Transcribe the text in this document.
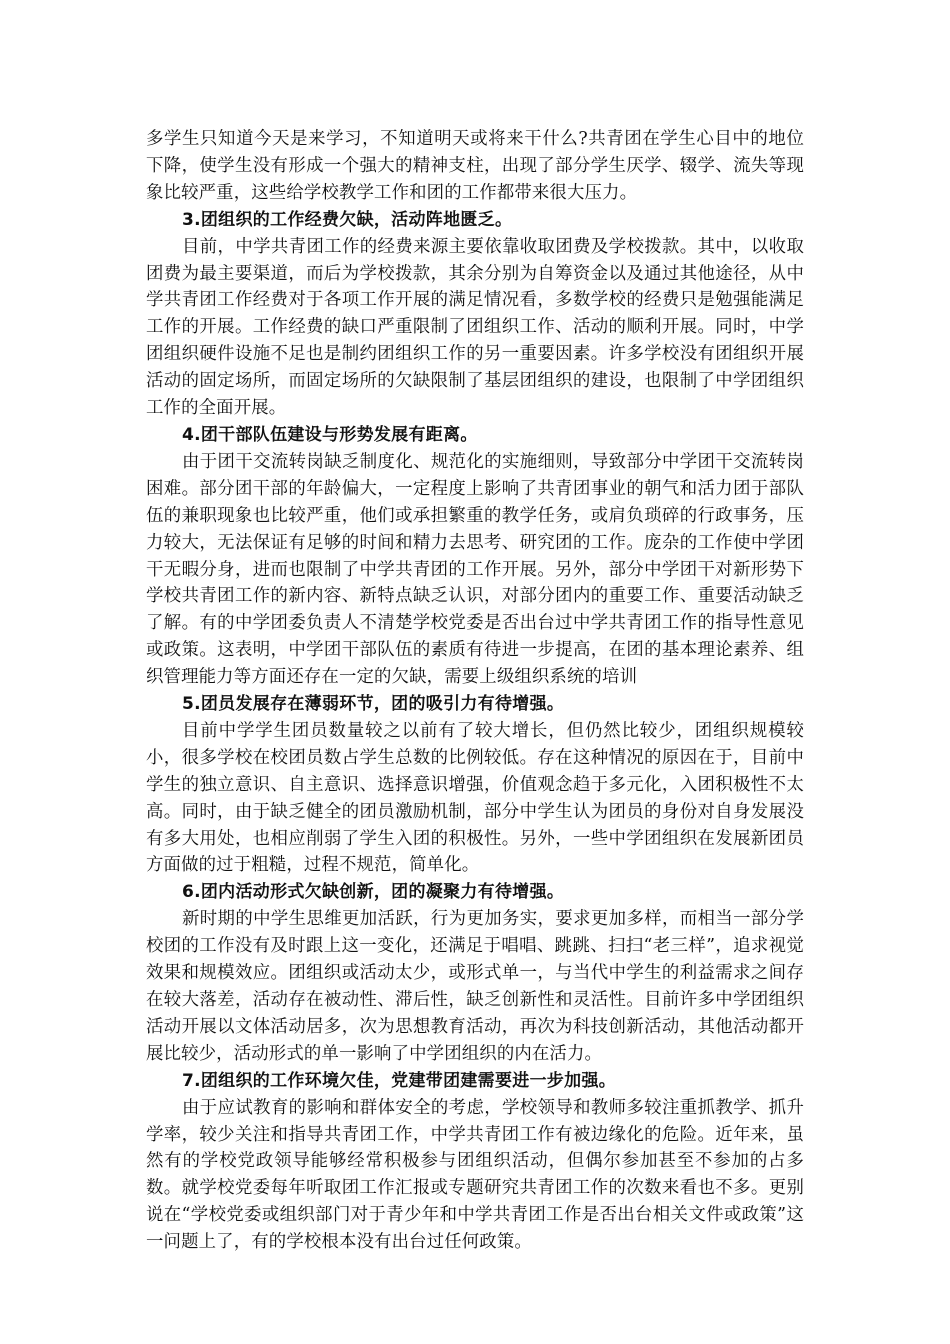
多学生只知道今天是来学习，不知道明天或将来干什么?共青团在学生心目中的地位下降，使学生没有形成一个强大的精神支柱，出现了部分学生厌学、辍学、流失等现象比较严重，这些给学校教学工作和团的工作都带来很大压力。

3.团组织的工作经费欠缺，活动阵地匮乏。

目前，中学共青团工作的经费来源主要依靠收取团费及学校拨款。其中，以收取团费为最主要渠道，而后为学校拨款，其余分别为自筹资金以及通过其他途径，从中学共青团工作经费对于各项工作开展的满足情况看，多数学校的经费只是勉强能满足工作的开展。工作经费的缺口严重限制了团组织工作、活动的顺利开展。同时，中学团组织硬件设施不足也是制约团组织工作的另一重要因素。许多学校没有团组织开展活动的固定场所，而固定场所的欠缺限制了基层团组织的建设，也限制了中学团组织工作的全面开展。

4.团干部队伍建设与形势发展有距离。

由于团干交流转岗缺乏制度化、规范化的实施细则，导致部分中学团干交流转岗困难。部分团干部的年龄偏大，一定程度上影响了共青团事业的朝气和活力团于部队伍的兼职现象也比较严重，他们或承担繁重的教学任务，或肩负琐碎的行政事务，压力较大，无法保证有足够的时间和精力去思考、研究团的工作。庞杂的工作使中学团干无暇分身，进而也限制了中学共青团的工作开展。另外，部分中学团干对新形势下学校共青团工作的新内容、新特点缺乏认识，对部分团内的重要工作、重要活动缺乏了解。有的中学团委负责人不清楚学校党委是否出台过中学共青团工作的指导性意见或政策。这表明，中学团干部队伍的素质有待进一步提高，在团的基本理论素养、组织管理能力等方面还存在一定的欠缺，需要上级组织系统的培训

5.团员发展存在薄弱环节，团的吸引力有待增强。

目前中学学生团员数量较之以前有了较大增长，但仍然比较少，团组织规模较小，很多学校在校团员数占学生总数的比例较低。存在这种情况的原因在于，目前中学生的独立意识、自主意识、选择意识增强，价值观念趋于多元化，入团积极性不太高。同时，由于缺乏健全的团员激励机制，部分中学生认为团员的身份对自身发展没有多大用处，也相应削弱了学生入团的积极性。另外，一些中学团组织在发展新团员方面做的过于粗糙，过程不规范，简单化。

6.团内活动形式欠缺创新，团的凝聚力有待增强。

新时期的中学生思维更加活跃，行为更加务实，要求更加多样，而相当一部分学校团的工作没有及时跟上这一变化，还满足于唱唱、跳跳、扫扫“老三样”，追求视觉效果和规模效应。团组织或活动太少，或形式单一，与当代中学生的利益需求之间存在较大落差，活动存在被动性、滞后性，缺乏创新性和灵活性。目前许多中学团组织活动开展以文体活动居多，次为思想教育活动，再次为科技创新活动，其他活动都开展比较少，活动形式的单一影响了中学团组织的内在活力。

7.团组织的工作环境欠佳，党建带团建需要进一步加强。

由于应试教育的影响和群体安全的考虑，学校领导和教师多较注重抓教学、抓升学率，较少关注和指导共青团工作，中学共青团工作有被边缘化的危险。近年来，虽然有的学校党政领导能够经常积极参与团组织活动，但偶尔参加甚至不参加的占多数。就学校党委每年听取团工作汇报或专题研究共青团工作的次数来看也不多。更别说在“学校党委或组织部门对于青少年和中学共青团工作是否出台相关文件或政策”这一问题上了，有的学校根本没有出台过任何政策。
